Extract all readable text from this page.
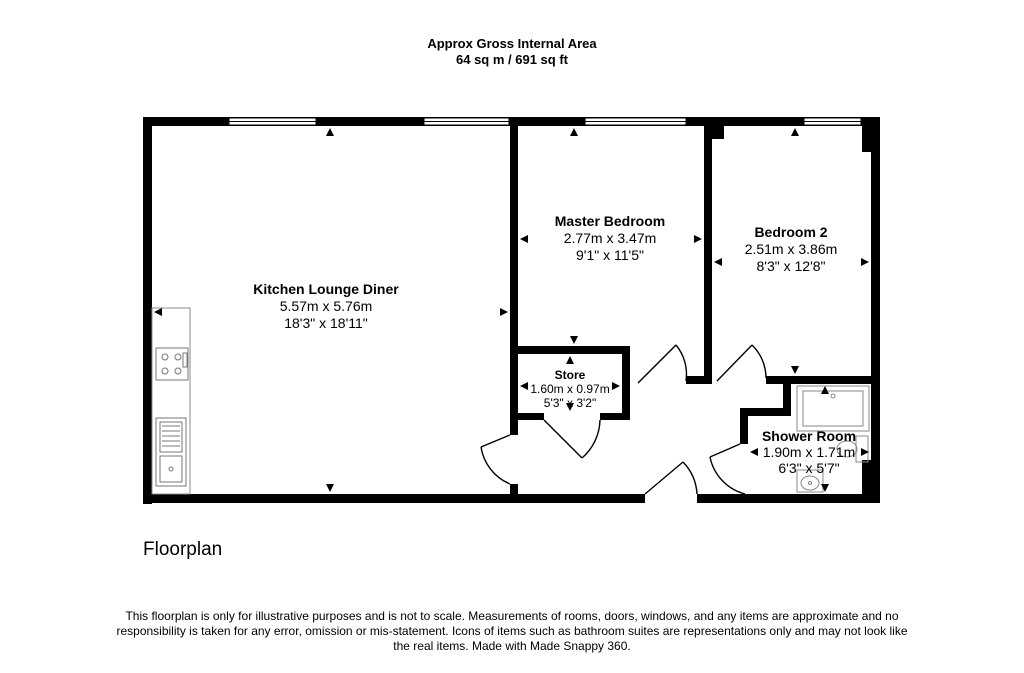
Approx Gross Internal Area
64 sq m / 691 sq ft
Kitchen Lounge Diner
5.57m x 5.76m
18'3" x 18'11"
Master Bedroom
2.77m x 3.47m
9'1" x 11'5"
Bedroom 2
2.51m x 3.86m
8'3" x 12'8"
Store
1.60m x 0.97m
5'3" x 3'2"
Shower Room
1.90m x 1.71m
6'3" x 5'7"
Floorplan
This floorplan is only for illustrative purposes and is not to scale. Measurements of rooms, doors, windows, and any items are approximate and no responsibility is taken for any error, omission or mis-statement. Icons of items such as bathroom suites are representations only and may not look like the real items. Made with Made Snappy 360.
